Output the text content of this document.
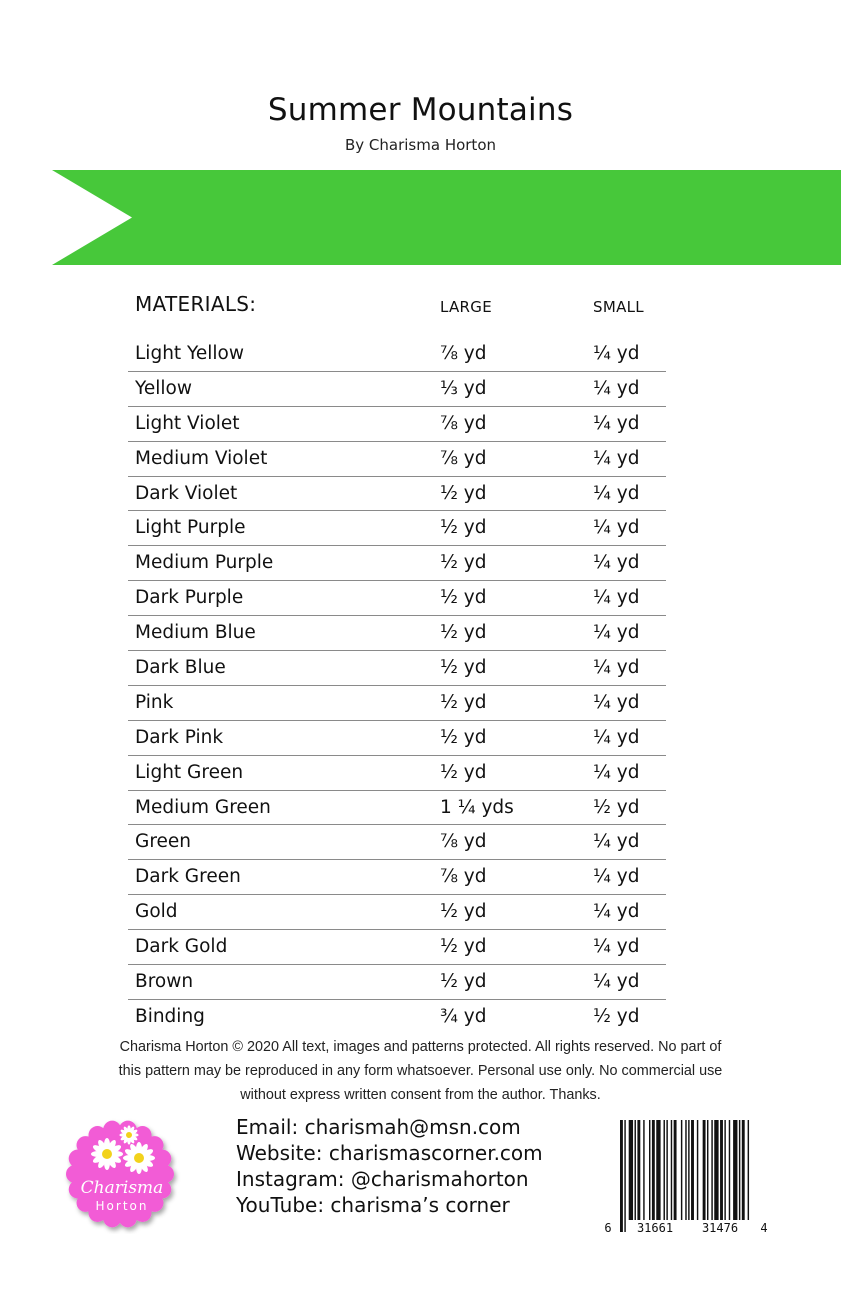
Summer Mountains
By Charisma Horton
MATERIALS:	LARGE	SMALL
Light Yellow	⅞ yd	¼ yd
Yellow	⅓ yd	¼ yd
Light Violet	⅞ yd	¼ yd
Medium Violet	⅞ yd	¼ yd
Dark Violet	½ yd	¼ yd
Light Purple	½ yd	¼ yd
Medium Purple	½ yd	¼ yd
Dark Purple	½ yd	¼ yd
Medium Blue	½ yd	¼ yd
Dark Blue	½ yd	¼ yd
Pink	½ yd	¼ yd
Dark Pink	½ yd	¼ yd
Light Green	½ yd	¼ yd
Medium Green	1 ¼ yds	½ yd
Green	⅞ yd	¼ yd
Dark Green	⅞ yd	¼ yd
Gold	½ yd	¼ yd
Dark Gold	½ yd	¼ yd
Brown	½ yd	¼ yd
Binding	¾ yd	½ yd
Charisma Horton © 2020 All text, images and patterns protected. All rights reserved. No part of
this pattern may be reproduced in any form whatsoever. Personal use only. No commercial use
without express written consent from the author. Thanks.
Charisma
Horton
Email: charismah@msn.com
Website: charismascorner.com
Instagram: @charismahorton
YouTube: charisma’s corner
6 31661 31476 4
